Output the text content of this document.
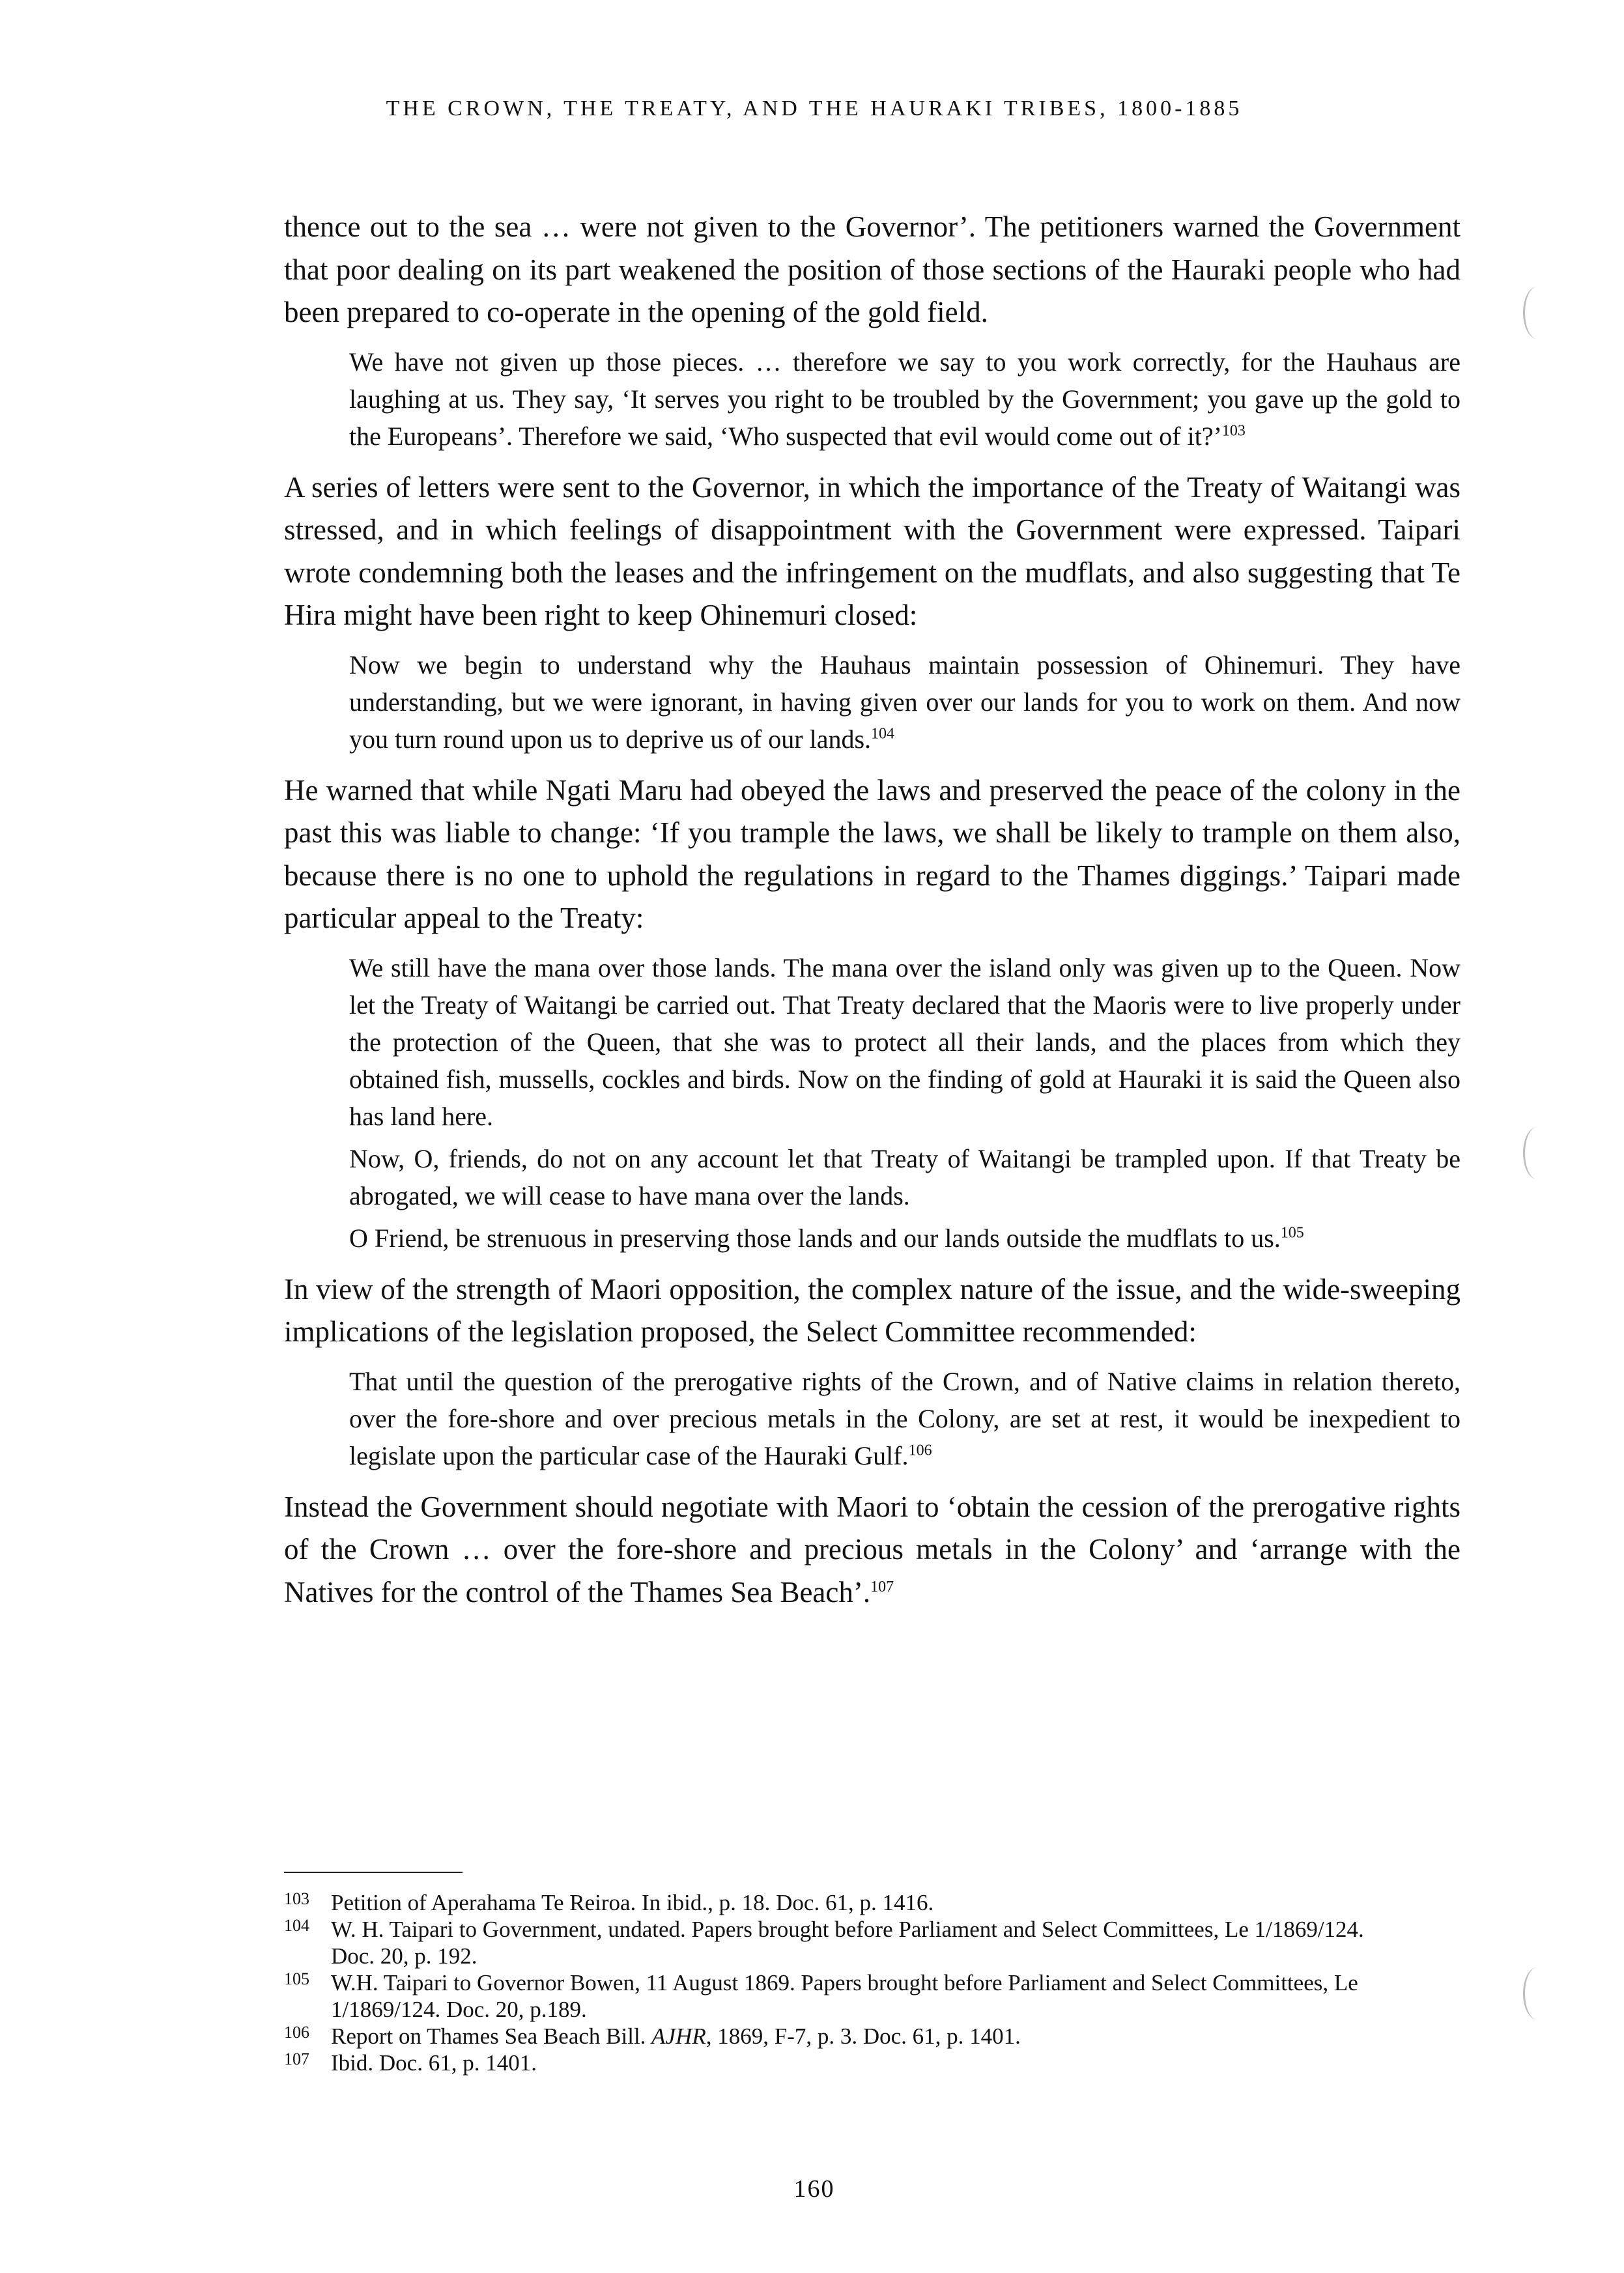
THE CROWN, THE TREATY, AND THE HAURAKI TRIBES, 1800-1885

thence out to the sea … were not given to the Governor’. The petitioners warned the Government that poor dealing on its part weakened the position of those sections of the Hauraki people who had been prepared to co-operate in the opening of the gold field.

We have not given up those pieces. … therefore we say to you work correctly, for the Hauhaus are laughing at us. They say, ‘It serves you right to be troubled by the Government; you gave up the gold to the Europeans’. Therefore we said, ‘Who suspected that evil would come out of it?’$^{103}$

A series of letters were sent to the Governor, in which the importance of the Treaty of Waitangi was stressed, and in which feelings of disappointment with the Government were expressed. Taipari wrote condemning both the leases and the infringement on the mudflats, and also suggesting that Te Hira might have been right to keep Ohinemuri closed:

Now we begin to understand why the Hauhaus maintain possession of Ohinemuri. They have understanding, but we were ignorant, in having given over our lands for you to work on them. And now you turn round upon us to deprive us of our lands.$^{104}$

He warned that while Ngati Maru had obeyed the laws and preserved the peace of the colony in the past this was liable to change: ‘If you trample the laws, we shall be likely to trample on them also, because there is no one to uphold the regulations in regard to the Thames diggings.’ Taipari made particular appeal to the Treaty:

We still have the mana over those lands. The mana over the island only was given up to the Queen. Now let the Treaty of Waitangi be carried out. That Treaty declared that the Maoris were to live properly under the protection of the Queen, that she was to protect all their lands, and the places from which they obtained fish, mussells, cockles and birds. Now on the finding of gold at Hauraki it is said the Queen also has land here.

Now, O, friends, do not on any account let that Treaty of Waitangi be trampled upon. If that Treaty be abrogated, we will cease to have mana over the lands.

O Friend, be strenuous in preserving those lands and our lands outside the mudflats to us.$^{105}$

In view of the strength of Maori opposition, the complex nature of the issue, and the wide-sweeping implications of the legislation proposed, the Select Committee recommended:

That until the question of the prerogative rights of the Crown, and of Native claims in relation thereto, over the fore-shore and over precious metals in the Colony, are set at rest, it would be inexpedient to legislate upon the particular case of the Hauraki Gulf.$^{106}$

Instead the Government should negotiate with Maori to ‘obtain the cession of the prerogative rights of the Crown … over the fore-shore and precious metals in the Colony’ and ‘arrange with the Natives for the control of the Thames Sea Beach’.$^{107}$

103 Petition of Aperahama Te Reiroa. In ibid., p. 18. Doc. 61, p. 1416.

104 W. H. Taipari to Government, undated. Papers brought before Parliament and Select Committees, Le 1/1869/124. Doc. 20, p. 192.

105 W.H. Taipari to Governor Bowen, 11 August 1869. Papers brought before Parliament and Select Committees, Le 1/1869/124. Doc. 20, p.189.

106 Report on Thames Sea Beach Bill. AJHR, 1869, F-7, p. 3. Doc. 61, p. 1401.

107 Ibid. Doc. 61, p. 1401.

160
